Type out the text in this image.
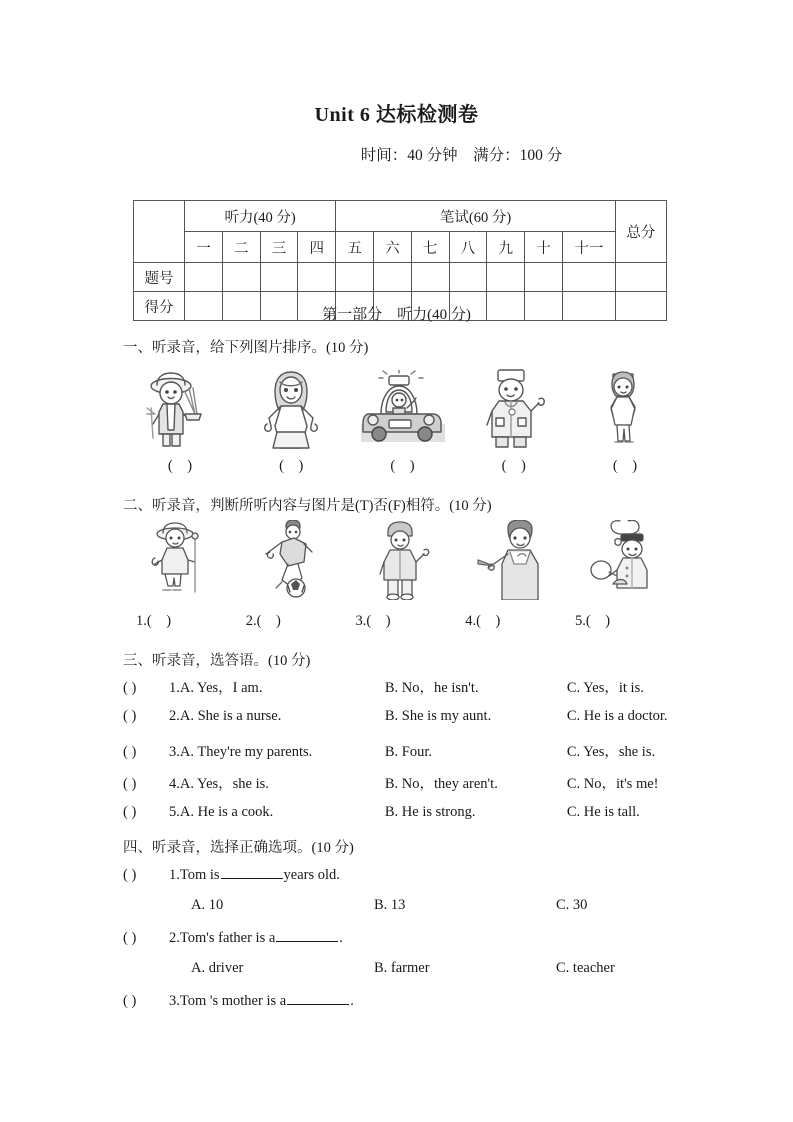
Unit 6 达标检测卷
时间：40 分钟　满分：100 分
	听力(40 分)				笔试(60 分)							总分
	一	二	三	四	五	六	七	八	九	十	十一	
题号												
得分													第一部分　听力(40 分)
一、听录音，给下列图片排序。(10 分)
(    )	(    )	(    )	(    )	(    )
二、听录音，判断所听内容与图片是(T)否(F)相符。(10 分)
1.(    )	2.(    )	3.(    )	4.(    )	5.(    )
三、听录音，选答语。(10 分)
( ) 1.A. Yes，I am.	B. No，he isn't.	C. Yes，it is.
( ) 2.A. She is a nurse.	B. She is my aunt.	C. He is a doctor.
( ) 3.A. They're my parents.	B. Four.	C. Yes，she is.
( ) 4.A. Yes，she is.	B. No，they aren't.	C. No，it's me!
( ) 5.A. He is a cook.	B. He is strong.	C. He is tall.
四、听录音，选择正确选项。(10 分)
( ) 1.Tom is	years old.
A. 10	B. 13	C. 30
( ) 2.Tom's father is a	.
A. driver	B. farmer	C. teacher
( ) 3.Tom 's mother is a	.
